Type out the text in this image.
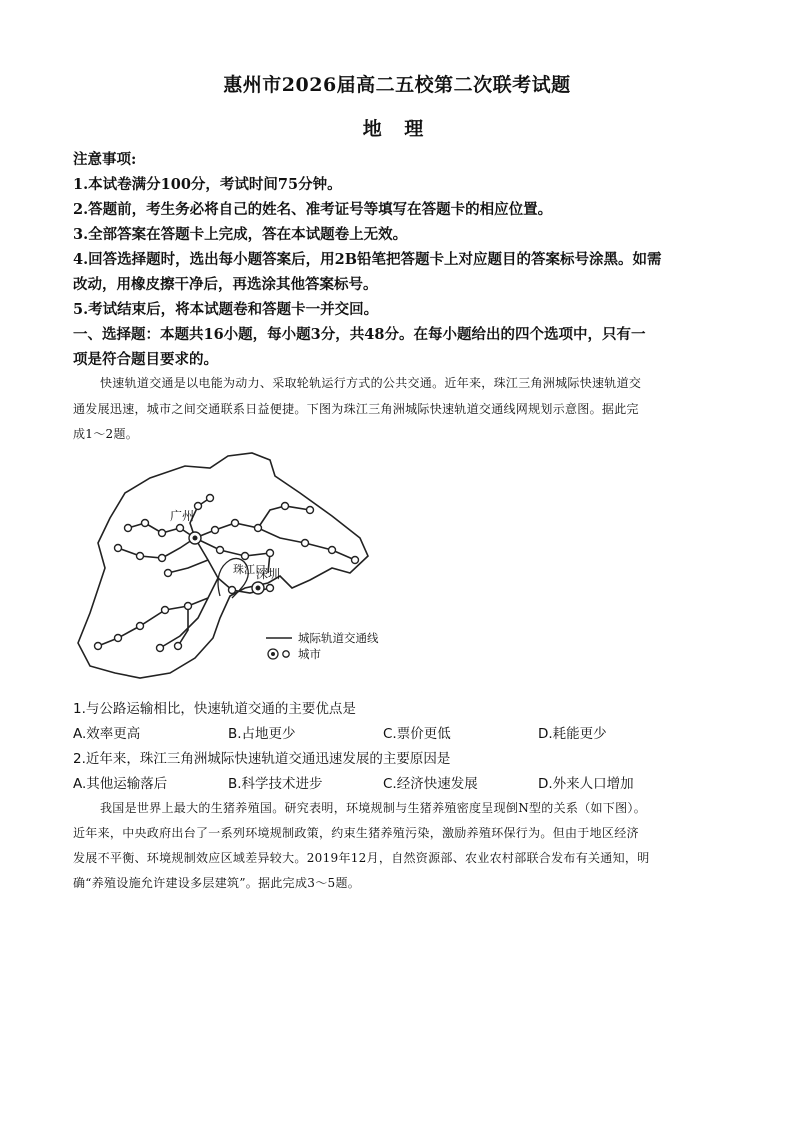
惠州市2026届高二五校第二次联考试题
地 理
注意事项:
1.本试卷满分100分，考试时间75分钟。
2.答题前，考生务必将自己的姓名、准考证号等填写在答题卡的相应位置。
3.全部答案在答题卡上完成，答在本试题卷上无效。
4.回答选择题时，选出每小题答案后，用2B铅笔把答题卡上对应题目的答案标号涂黑。如需
改动，用橡皮擦干净后，再选涂其他答案标号。
5.考试结束后，将本试题卷和答题卡一并交回。
一、选择题：本题共16小题，每小题3分，共48分。在每小题给出的四个选项中，只有一
项是符合题目要求的。
快速轨道交通是以电能为动力、采取轮轨运行方式的公共交通。近年来，珠江三角洲城际快速轨道交
通发展迅速，城市之间交通联系日益便捷。下图为珠江三角洲城际快速轨道交通线网规划示意图。据此完
成1～2题。
广州
深圳
珠江口
城际轨道交通线
城市
1.与公路运输相比，快速轨道交通的主要优点是
A.效率更高	B.占地更少	C.票价更低	D.耗能更少
2.近年来，珠江三角洲城际快速轨道交通迅速发展的主要原因是
A.其他运输落后	B.科学技术进步	C.经济快速发展	D.外来人口增加
我国是世界上最大的生猪养殖国。研究表明，环境规制与生猪养殖密度呈现倒N型的关系（如下图）。
近年来，中央政府出台了一系列环境规制政策，约束生猪养殖污染，激励养殖环保行为。但由于地区经济
发展不平衡、环境规制效应区域差异较大。2019年12月，自然资源部、农业农村部联合发布有关通知，明
确“养殖设施允许建设多层建筑”。据此完成3～5题。
